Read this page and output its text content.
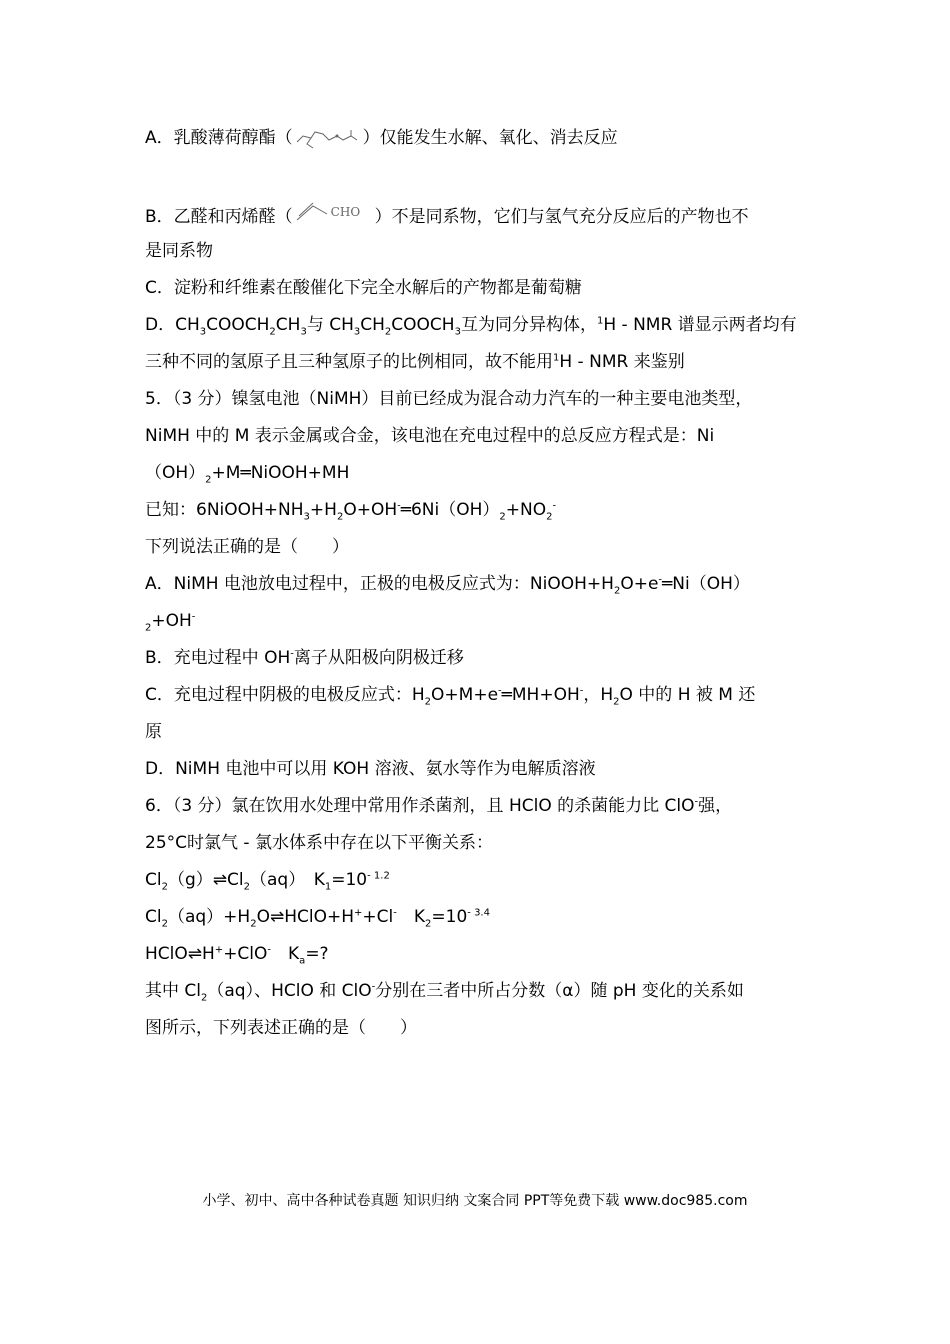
A．乳酸薄荷醇酯（	）仅能发生水解、氧化、消去反应
B．乙醛和丙烯醛（	CHO ）不是同系物，它们与氢气充分反应后的产物也不
是同系物
C．淀粉和纤维素在酸催化下完全水解后的产物都是葡萄糖
D．$CH_3COOCH_2CH_3$与 $CH_3CH_2COOCH_3$互为同分异构体，$^1$H - NMR 谱显示两者均有
三种不同的氢原子且三种氢原子的比例相同，故不能用$^1$H - NMR 来鉴别
5．（3 分）镍氢电池（NiMH）目前已经成为混合动力汽车的一种主要电池类型，
NiMH 中的 M 表示金属或合金，该电池在充电过程中的总反应方程式是：Ni
$(OH)_2+M═NiOOH+MH$
已知：$6NiOOH+NH_3+H_2O+OH^-═6Ni(OH)_2+NO_2^-$
下列说法正确的是（　　）
A．NiMH 电池放电过程中，正极的电极反应式为：$NiOOH+H_2O+e^-═Ni(OH)$
$_2$+OH-
B．充电过程中 OH-离子从阳极向阴极迁移
C．充电过程中阴极的电极反应式：$H_2O+M+e^-═MH+OH^-$，$H_2O$ 中的 H 被 M 还
原
D．NiMH 电池中可以用 KOH 溶液、氨水等作为电解质溶液
6．（3 分）氯在饮用水处理中常用作杀菌剂，且 HClO 的杀菌能力比 ClO-强，
25°C时氯气 - 氯水体系中存在以下平衡关系：
$Cl_2(g)\rightleftharpoons Cl_2(aq)$　$K_1=10^{- 1.2}$
$Cl_2(aq)+H_2O\rightleftharpoons HClO+H^++Cl^-$　$K_2=10^{- 3.4}$
HClO⇌H++ClO-　$K_a=$?
其中 $Cl_2(aq)$、HClO 和 ClO-分别在三者中所占分数（α）随 pH 变化的关系如
图所示，下列表述正确的是（　　）
小学、初中、高中各种试卷真题 知识归纳 文案合同 PPT等免费下载 www.doc985.com
